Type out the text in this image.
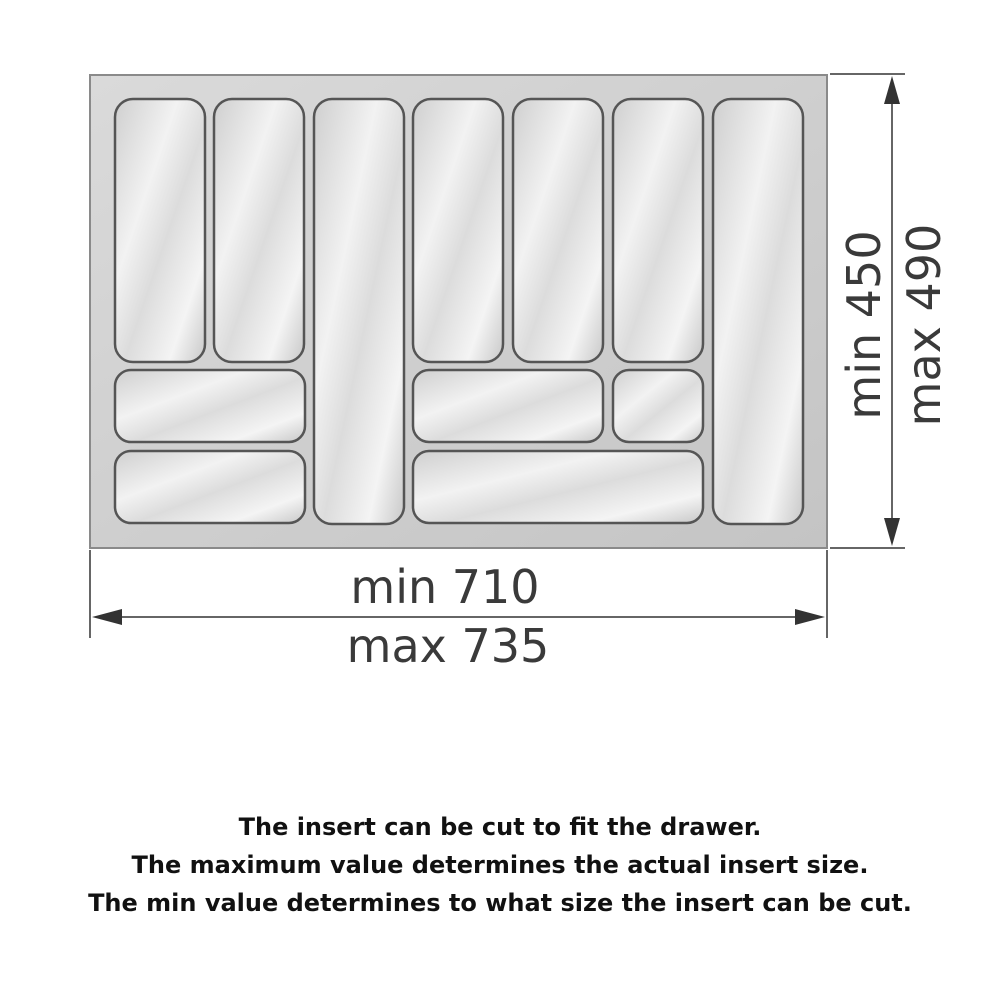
min 450 max 490
min 710
max 735
The insert can be cut to fit the drawer.
The maximum value determines the actual insert size.
The min value determines to what size the insert can be cut.
